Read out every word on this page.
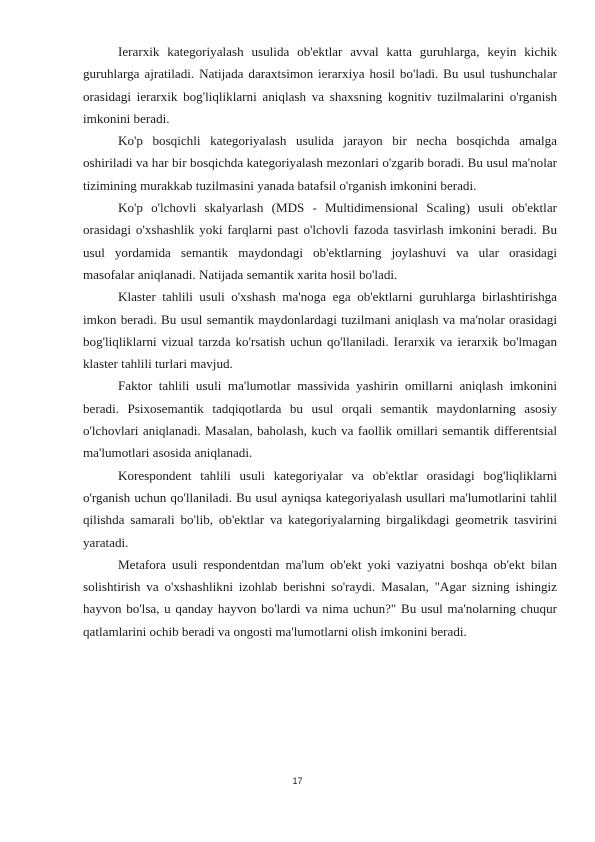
Ierarxik kategoriyalash usulida ob'ektlar avval katta guruhlarga, keyin kichik guruhlarga ajratiladi. Natijada daraxtsimon ierarxiya hosil bo'ladi. Bu usul tushunchalar orasidagi ierarxik bog'liqliklarni aniqlash va shaxsning kognitiv tuzilmalarini o'rganish imkonini beradi.

Ko'p bosqichli kategoriyalash usulida jarayon bir necha bosqichda amalga oshiriladi va har bir bosqichda kategoriyalash mezonlari o'zgarib boradi. Bu usul ma'nolar tizimining murakkab tuzilmasini yanada batafsil o'rganish imkonini beradi.

Ko'p o'lchovli skalyarlash (MDS - Multidimensional Scaling) usuli ob'ektlar orasidagi o'xshashlik yoki farqlarni past o'lchovli fazoda tasvirlash imkonini beradi. Bu usul yordamida semantik maydondagi ob'ektlarning joylashuvi va ular orasidagi masofalar aniqlanadi. Natijada semantik xarita hosil bo'ladi.

Klaster tahlili usuli o'xshash ma'noga ega ob'ektlarni guruhlarga birlashtirishga imkon beradi. Bu usul semantik maydonlardagi tuzilmani aniqlash va ma'nolar orasidagi bog'liqliklarni vizual tarzda ko'rsatish uchun qo'llaniladi. Ierarxik va ierarxik bo'lmagan klaster tahlili turlari mavjud.

Faktor tahlili usuli ma'lumotlar massivida yashirin omillarni aniqlash imkonini beradi. Psixosemantik tadqiqotlarda bu usul orqali semantik maydonlarning asosiy o'lchovlari aniqlanadi. Masalan, baholash, kuch va faollik omillari semantik differentsial ma'lumotlari asosida aniqlanadi.

Korespondent tahlili usuli kategoriyalar va ob'ektlar orasidagi bog'liqliklarni o'rganish uchun qo'llaniladi. Bu usul ayniqsa kategoriyalash usullari ma'lumotlarini tahlil qilishda samarali bo'lib, ob'ektlar va kategoriyalarning birgalikdagi geometrik tasvirini yaratadi.

Metafora usuli respondentdan ma'lum ob'ekt yoki vaziyatni boshqa ob'ekt bilan solishtirish va o'xshashlikni izohlab berishni so'raydi. Masalan, "Agar sizning ishingiz hayvon bo'lsa, u qanday hayvon bo'lardi va nima uchun?" Bu usul ma'nolarning chuqur qatlamlarini ochib beradi va ongosti ma'lumotlarni olish imkonini beradi.

17
